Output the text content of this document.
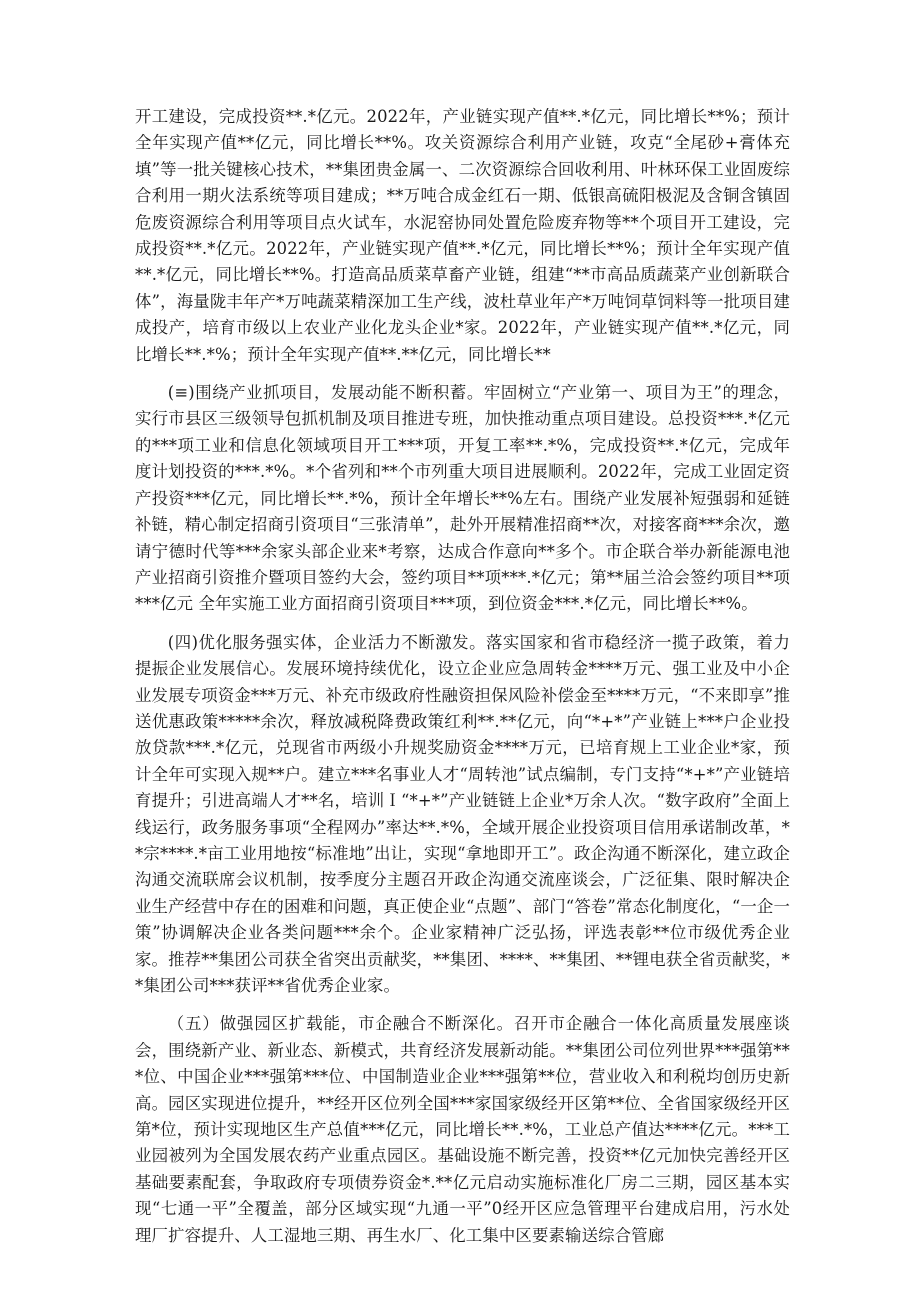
开工建设，完成投资**.*亿元。2022年，产业链实现产值**.*亿元，同比增长**%；预计全年实现产值**亿元，同比增长**%。攻关资源综合利用产业链，攻克“全尾砂+膏体充填”等一批关键核心技术，**集团贵金属一、二次资源综合回收利用、叶林环保工业固废综合利用一期火法系统等项目建成；**万吨合成金红石一期、低银高硫阳极泥及含铜含镇固危废资源综合利用等项目点火试车，水泥窑协同处置危险废弃物等**个项目开工建设，完成投资**.*亿元。2022年，产业链实现产值**.*亿元，同比增长**%；预计全年实现产值**.*亿元，同比增长**%。打造高品质菜草畜产业链，组建“**市高品质蔬菜产业创新联合体”，海量陇丰年产*万吨蔬菜精深加工生产线，波杜草业年产*万吨饲草饲料等一批项目建成投产，培育市级以上农业产业化龙头企业*家。2022年，产业链实现产值**.*亿元，同比增长**.*%；预计全年实现产值**.**亿元，同比增长**

(≡)围绕产业抓项目，发展动能不断积蓄。牢固树立“产业第一、项目为王”的理念，实行市县区三级领导包抓机制及项目推进专班，加快推动重点项目建设。总投资***.*亿元的***项工业和信息化领域项目开工***项，开复工率**.*%，完成投资**.*亿元，完成年度计划投资的***.*%。*个省列和**个市列重大项目进展顺利。2022年，完成工业固定资产投资***亿元，同比增长**.*%，预计全年增长**%左右。围绕产业发展补短强弱和延链补链，精心制定招商引资项目“三张清单”，赴外开展精准招商**次，对接客商***余次，邀请宁德时代等***余家头部企业来*考察，达成合作意向**多个。市企联合举办新能源电池产业招商引资推介暨项目签约大会，签约项目**项***.*亿元；第**届兰洽会签约项目**项***亿元 全年实施工业方面招商引资项目***项，到位资金***.*亿元，同比增长**%。

(四)优化服务强实体，企业活力不断激发。落实国家和省市稳经济一揽子政策，着力提振企业发展信心。发展环境持续优化，设立企业应急周转金****万元、强工业及中小企业发展专项资金***万元、补充市级政府性融资担保风险补偿金至****万元，“不来即享”推送优惠政策*****余次，释放减税降费政策红利**.**亿元，向“*+*”产业链上***户企业投放贷款***.*亿元，兑现省市两级小升规奖励资金****万元，已培育规上工业企业*家，预计全年可实现入规**户。建立***名事业人才“周转池”试点编制，专门支持“*+*”产业链培育提升；引进高端人才**名，培训Ｉ“*+*”产业链链上企业*万余人次。“数字政府”全面上线运行，政务服务事项“全程网办”率达**.*%，全域开展企业投资项目信用承诺制改革，**宗****.*亩工业用地按“标准地”出让，实现“拿地即开工”。政企沟通不断深化，建立政企沟通交流联席会议机制，按季度分主题召开政企沟通交流座谈会，广泛征集、限时解决企业生产经营中存在的困难和问题，真正使企业“点题”、部门“答卷”常态化制度化，“一企一策”协调解决企业各类问题***余个。企业家精神广泛弘扬，评选表彰**位市级优秀企业家。推荐**集团公司获全省突出贡献奖，**集团、****、**集团、**锂电获全省贡献奖，**集团公司***获评**省优秀企业家。

（五）做强园区扩载能，市企融合不断深化。召开市企融合一体化高质量发展座谈会，围绕新产业、新业态、新模式，共育经济发展新动能。**集团公司位列世界***强第***位、中国企业***强第***位、中国制造业企业***强第**位，营业收入和利税均创历史新高。园区实现进位提升，**经开区位列全国***家国家级经开区第**位、全省国家级经开区第*位，预计实现地区生产总值***亿元，同比增长**.*%，工业总产值达****亿元。***工业园被列为全国发展农药产业重点园区。基础设施不断完善，投资**亿元加快完善经开区基础要素配套，争取政府专项债券资金*.**亿元启动实施标准化厂房二三期，园区基本实现“七通一平”全覆盖，部分区域实现“九通一平”0经开区应急管理平台建成启用，污水处理厂扩容提升、人工湿地三期、再生水厂、化工集中区要素输送综合管廊
